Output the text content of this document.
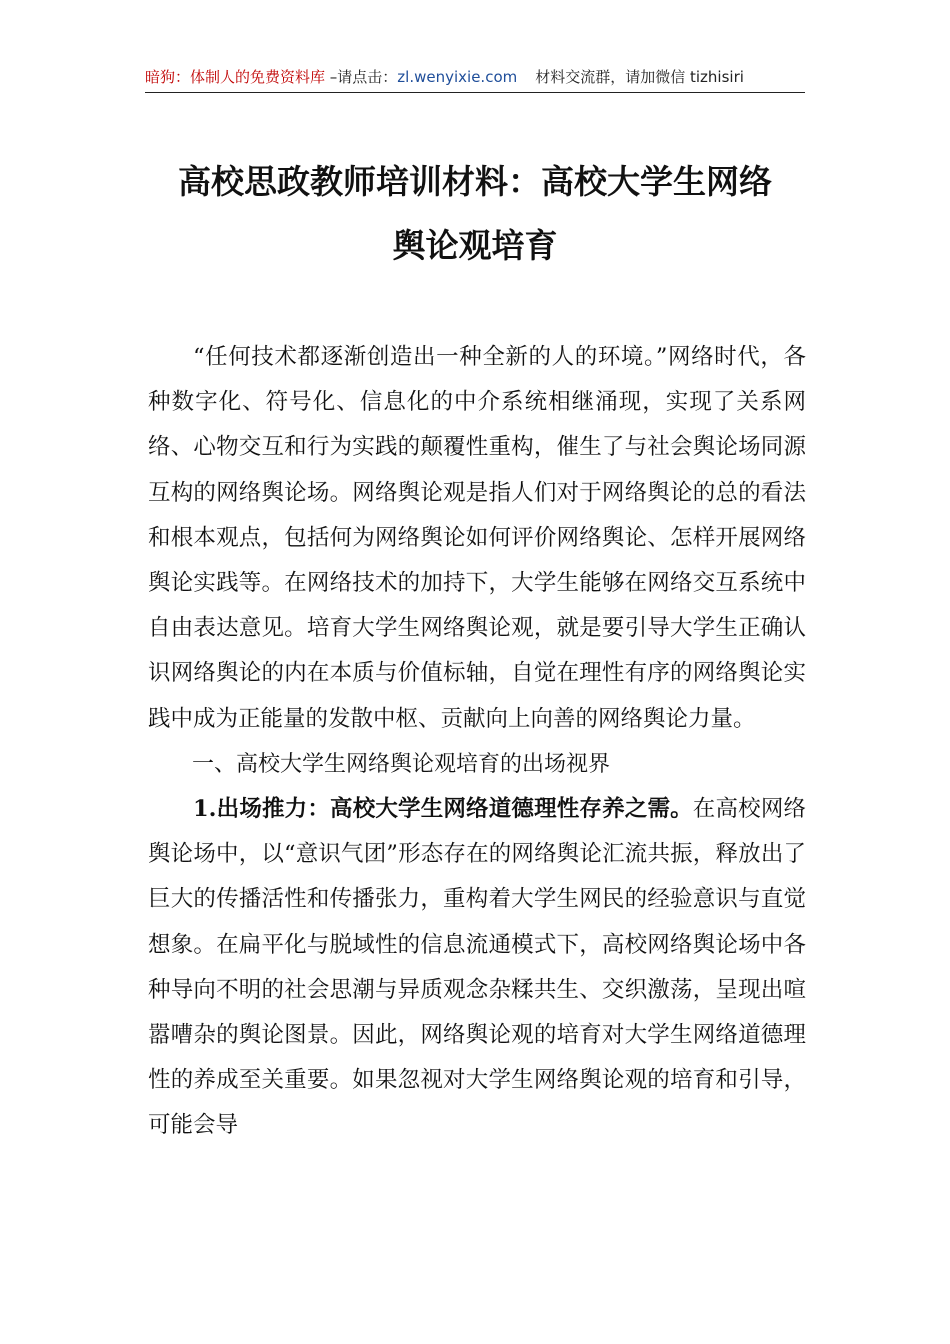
暗狗：体制人的免费资料库 –请点击：zl.wenyixie.com 材料交流群，请加微信 tizhisiri
高校思政教师培训材料：高校大学生网络
舆论观培育

“任何技术都逐渐创造出一种全新的人的环境。”网络时代，各种数字化、符号化、信息化的中介系统相继涌现，实现了关系网络、心物交互和行为实践的颠覆性重构，催生了与社会舆论场同源互构的网络舆论场。网络舆论观是指人们对于网络舆论的总的看法和根本观点，包括何为网络舆论如何评价网络舆论、怎样开展网络舆论实践等。在网络技术的加持下，大学生能够在网络交互系统中自由表达意见。培育大学生网络舆论观，就是要引导大学生正确认识网络舆论的内在本质与价值标轴，自觉在理性有序的网络舆论实践中成为正能量的发散中枢、贡献向上向善的网络舆论力量。

一、高校大学生网络舆论观培育的出场视界

1.出场推力：高校大学生网络道德理性存养之需。在高校网络舆论场中，以“意识气团”形态存在的网络舆论汇流共振，释放出了巨大的传播活性和传播张力，重构着大学生网民的经验意识与直觉想象。在扁平化与脱域性的信息流通模式下，高校网络舆论场中各种导向不明的社会思潮与异质观念杂糅共生、交织激荡，呈现出喧嚣嘈杂的舆论图景。因此，网络舆论观的培育对大学生网络道德理性的养成至关重要。如果忽视对大学生网络舆论观的培育和引导，可能会导
